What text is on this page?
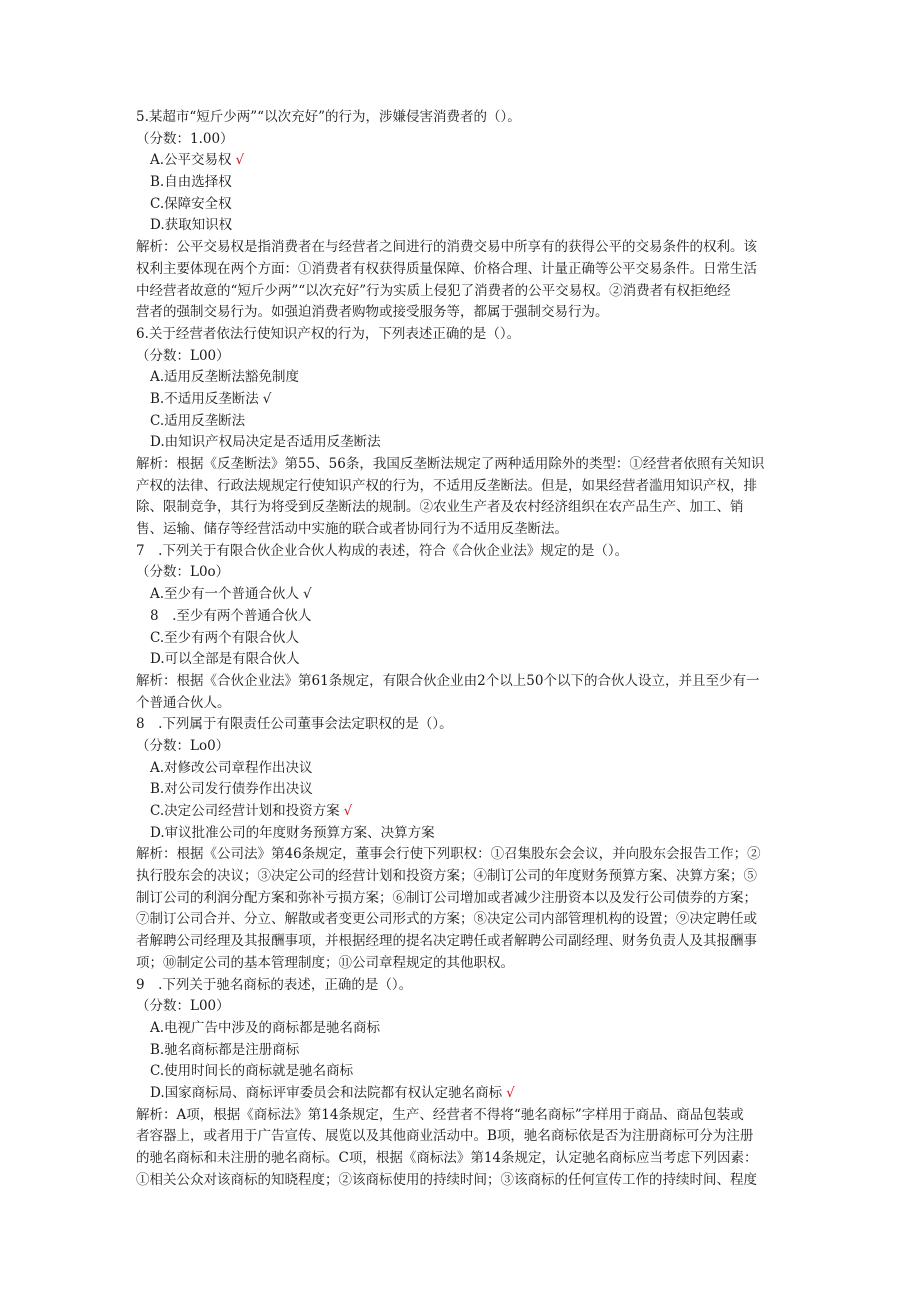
5.某超市“短斤少两”“以次充好”的行为，涉嫌侵害消费者的（）。
（分数：1.00）
A.公平交易权 √
B.自由选择权
C.保障安全权
D.获取知识权
解析：公平交易权是指消费者在与经营者之间进行的消费交易中所享有的获得公平的交易条件的权利。该
权利主要体现在两个方面：①消费者有权获得质量保障、价格合理、计量正确等公平交易条件。日常生活
中经营者故意的“短斤少两”“以次充好”行为实质上侵犯了消费者的公平交易权。②消费者有权拒绝经
营者的强制交易行为。如强迫消费者购物或接受服务等，都属于强制交易行为。
6.关于经营者依法行使知识产权的行为，下列表述正确的是（）。
（分数：L00）
A.适用反垄断法豁免制度
B.不适用反垄断法 √
C.适用反垄断法
D.由知识产权局决定是否适用反垄断法
解析：根据《反垄断法》第55、56条，我国反垄断法规定了两种适用除外的类型：①经营者依照有关知识
产权的法律、行政法规规定行使知识产权的行为，不适用反垄断法。但是，如果经营者滥用知识产权，排
除、限制竞争，其行为将受到反垄断法的规制。②农业生产者及农村经济组织在农产品生产、加工、销
售、运输、储存等经营活动中实施的联合或者协同行为不适用反垄断法。
7　.下列关于有限合伙企业合伙人构成的表述，符合《合伙企业法》规定的是（）。
（分数：L0o）
A.至少有一个普通合伙人 √
8　.至少有两个普通合伙人
C.至少有两个有限合伙人
D.可以全部是有限合伙人
解析：根据《合伙企业法》第61条规定，有限合伙企业由2个以上50个以下的合伙人设立，并且至少有一
个普通合伙人。
8　.下列属于有限责任公司董事会法定职权的是（）。
（分数：Lo0）
A.对修改公司章程作出决议
B.对公司发行债券作出决议
C.决定公司经营计划和投资方案 √
D.审议批准公司的年度财务预算方案、决算方案
解析：根据《公司法》第46条规定，董事会行使下列职权：①召集股东会会议，并向股东会报告工作；②
执行股东会的决议；③决定公司的经营计划和投资方案；④制订公司的年度财务预算方案、决算方案；⑤
制订公司的利润分配方案和弥补亏损方案；⑥制订公司增加或者减少注册资本以及发行公司债券的方案；
⑦制订公司合并、分立、解散或者变更公司形式的方案；⑧决定公司内部管理机构的设置；⑨决定聘任或
者解聘公司经理及其报酬事项，并根据经理的提名决定聘任或者解聘公司副经理、财务负责人及其报酬事
项；⑩制定公司的基本管理制度；⑪公司章程规定的其他职权。
9　.下列关于驰名商标的表述，正确的是（）。
（分数：L00）
A.电视广告中涉及的商标都是驰名商标
B.驰名商标都是注册商标
C.使用时间长的商标就是驰名商标
D.国家商标局、商标评审委员会和法院都有权认定驰名商标 √
解析：A项，根据《商标法》第14条规定，生产、经营者不得将“驰名商标”字样用于商品、商品包装或
者容器上，或者用于广告宣传、展览以及其他商业活动中。B项，驰名商标依是否为注册商标可分为注册
的驰名商标和未注册的驰名商标。C项，根据《商标法》第14条规定，认定驰名商标应当考虑下列因素：
①相关公众对该商标的知晓程度；②该商标使用的持续时间；③该商标的任何宣传工作的持续时间、程度
